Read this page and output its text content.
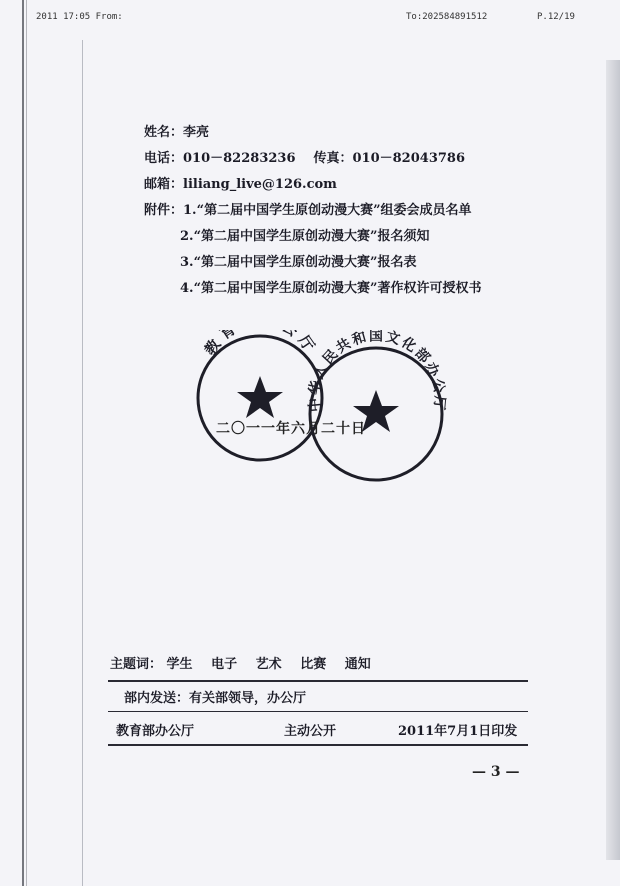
2011 17:05 From:	To:202584891512	P.12/19
姓名：李亮
电话：010－82283236 传真：010－82043786
邮箱：liliang_live@126.com
附件：1.“第二届中国学生原创动漫大赛”组委会成员名单
2.“第二届中国学生原创动漫大赛”报名须知
3.“第二届中国学生原创动漫大赛”报名表
4.“第二届中国学生原创动漫大赛”著作权许可授权书
教 厅
中华人民共和国文化部办公厅
二〇一一年六月二十日
主题词： 学生 电子 艺术 比赛 通知
部内发送：有关部领导，办公厅
教育部办公厅	主动公开	2011年7月1日印发
— 3 —
